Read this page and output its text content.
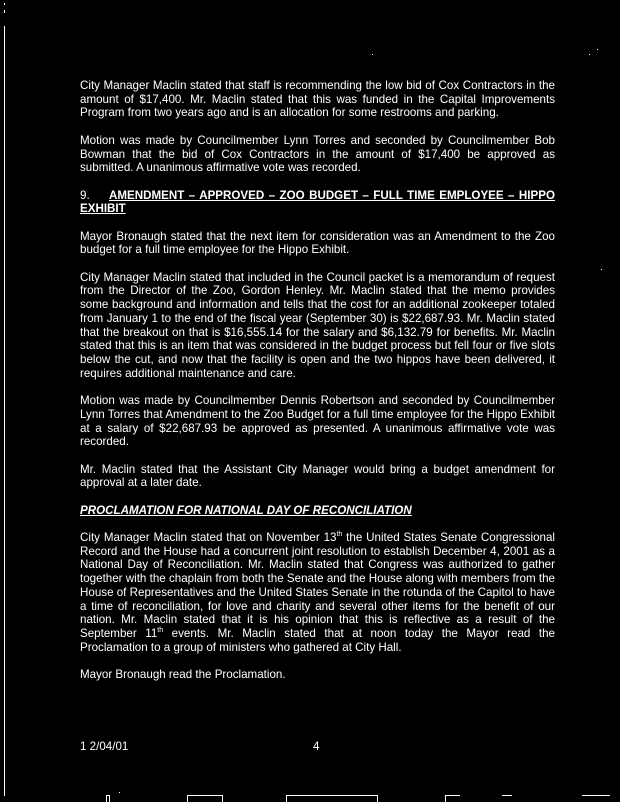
City Manager Maclin stated that staff is recommending the low bid of Cox Contractors in the amount of $17,400. Mr. Maclin stated that this was funded in the Capital Improvements Program from two years ago and is an allocation for some restrooms and parking.

Motion was made by Councilmember Lynn Torres and seconded by Councilmember Bob Bowman that the bid of Cox Contractors in the amount of $17,400 be approved as submitted. A unanimous affirmative vote was recorded.

9. AMENDMENT – APPROVED – ZOO BUDGET – FULL TIME EMPLOYEE – HIPPO EXHIBIT

Mayor Bronaugh stated that the next item for consideration was an Amendment to the Zoo budget for a full time employee for the Hippo Exhibit.

City Manager Maclin stated that included in the Council packet is a memorandum of request from the Director of the Zoo, Gordon Henley. Mr. Maclin stated that the memo provides some background and information and tells that the cost for an additional zookeeper totaled from January 1 to the end of the fiscal year (September 30) is $22,687.93. Mr. Maclin stated that the breakout on that is $16,555.14 for the salary and $6,132.79 for benefits. Mr. Maclin stated that this is an item that was considered in the budget process but fell four or five slots below the cut, and now that the facility is open and the two hippos have been delivered, it requires additional maintenance and care.

Motion was made by Councilmember Dennis Robertson and seconded by Councilmember Lynn Torres that Amendment to the Zoo Budget for a full time employee for the Hippo Exhibit at a salary of $22,687.93 be approved as presented. A unanimous affirmative vote was recorded.

Mr. Maclin stated that the Assistant City Manager would bring a budget amendment for approval at a later date.

PROCLAMATION FOR NATIONAL DAY OF RECONCILIATION

City Manager Maclin stated that on November 13th the United States Senate Congressional Record and the House had a concurrent joint resolution to establish December 4, 2001 as a National Day of Reconciliation. Mr. Maclin stated that Congress was authorized to gather together with the chaplain from both the Senate and the House along with members from the House of Representatives and the United States Senate in the rotunda of the Capitol to have a time of reconciliation, for love and charity and several other items for the benefit of our nation. Mr. Maclin stated that it is his opinion that this is reflective as a result of the September 11th events. Mr. Maclin stated that at noon today the Mayor read the Proclamation to a group of ministers who gathered at City Hall.

Mayor Bronaugh read the Proclamation.

1 2/04/01	4
